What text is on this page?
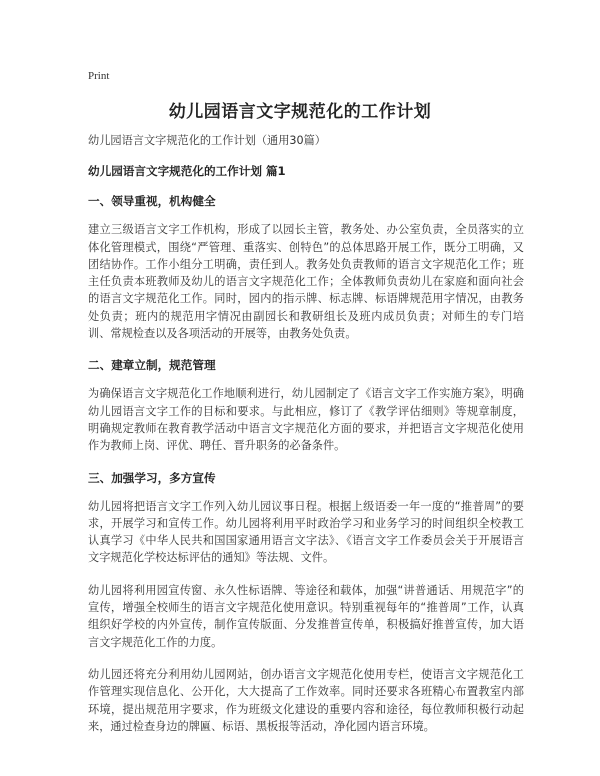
Print
幼儿园语言文字规范化的工作计划

幼儿园语言文字规范化的工作计划（通用30篇）

幼儿园语言文字规范化的工作计划 篇1
一、领导重视，机构健全

建立三级语言文字工作机构，形成了以园长主管，教务处、办公室负责，全员落实的立体化管理模式，围绕“严管理、重落实、创特色”的总体思路开展工作，既分工明确，又团结协作。工作小组分工明确，责任到人。教务处负责教师的语言文字规范化工作；班主任负责本班教师及幼儿的语言文字规范化工作；全体教师负责幼儿在家庭和面向社会的语言文字规范化工作。同时，园内的指示牌、标志牌、标语牌规范用字情况，由教务处负责；班内的规范用字情况由副园长和教研组长及班内成员负责；对师生的专门培训、常规检查以及各项活动的开展等，由教务处负责。

二、建章立制，规范管理

为确保语言文字规范化工作地顺利进行，幼儿园制定了《语言文字工作实施方案》，明确幼儿园语言文字工作的目标和要求。与此相应，修订了《教学评估细则》等规章制度，明确规定教师在教育教学活动中语言文字规范化方面的要求，并把语言文字规范化使用作为教师上岗、评优、聘任、晋升职务的必备条件。

三、加强学习，多方宣传

幼儿园将把语言文字工作列入幼儿园议事日程。根据上级语委一年一度的“推普周”的要求，开展学习和宣传工作。幼儿园将利用平时政治学习和业务学习的时间组织全校教工认真学习《中华人民共和国国家通用语言文字法》、《语言文字工作委员会关于开展语言文字规范化学校达标评估的通知》等法规、文件。

幼儿园将利用园宣传窗、永久性标语牌、等途径和载体，加强“讲普通话、用规范字”的宣传，增强全校师生的语言文字规范化使用意识。特别重视每年的“推普周”工作，认真组织好学校的内外宣传，制作宣传版面、分发推普宣传单，积极搞好推普宣传，加大语言文字规范化工作的力度。

幼儿园还将充分利用幼儿园网站，创办语言文字规范化使用专栏，使语言文字规范化工作管理实现信息化、公开化，大大提高了工作效率。同时还要求各班精心布置教室内部环境，提出规范用字要求，作为班级文化建设的重要内容和途径，每位教师积极行动起来，通过检查身边的牌匾、标语、黑板报等活动，净化园内语言环境。
